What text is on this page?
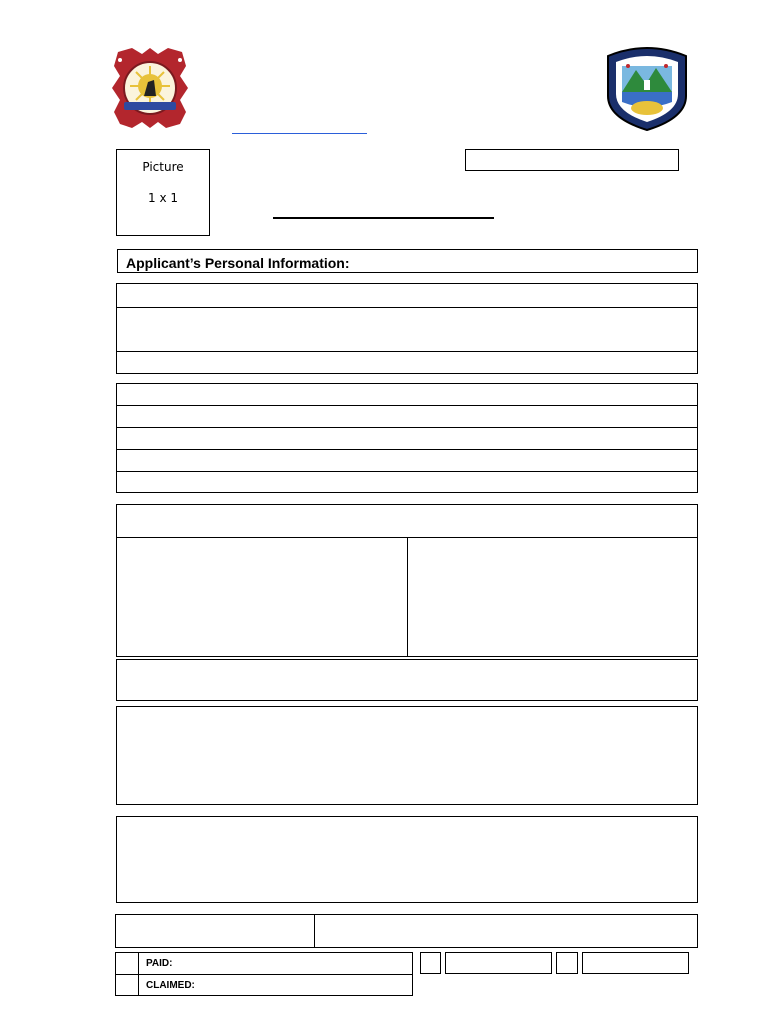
Picture
1 x 1
Applicant’s Personal Information:
PAID:
CLAIMED:
